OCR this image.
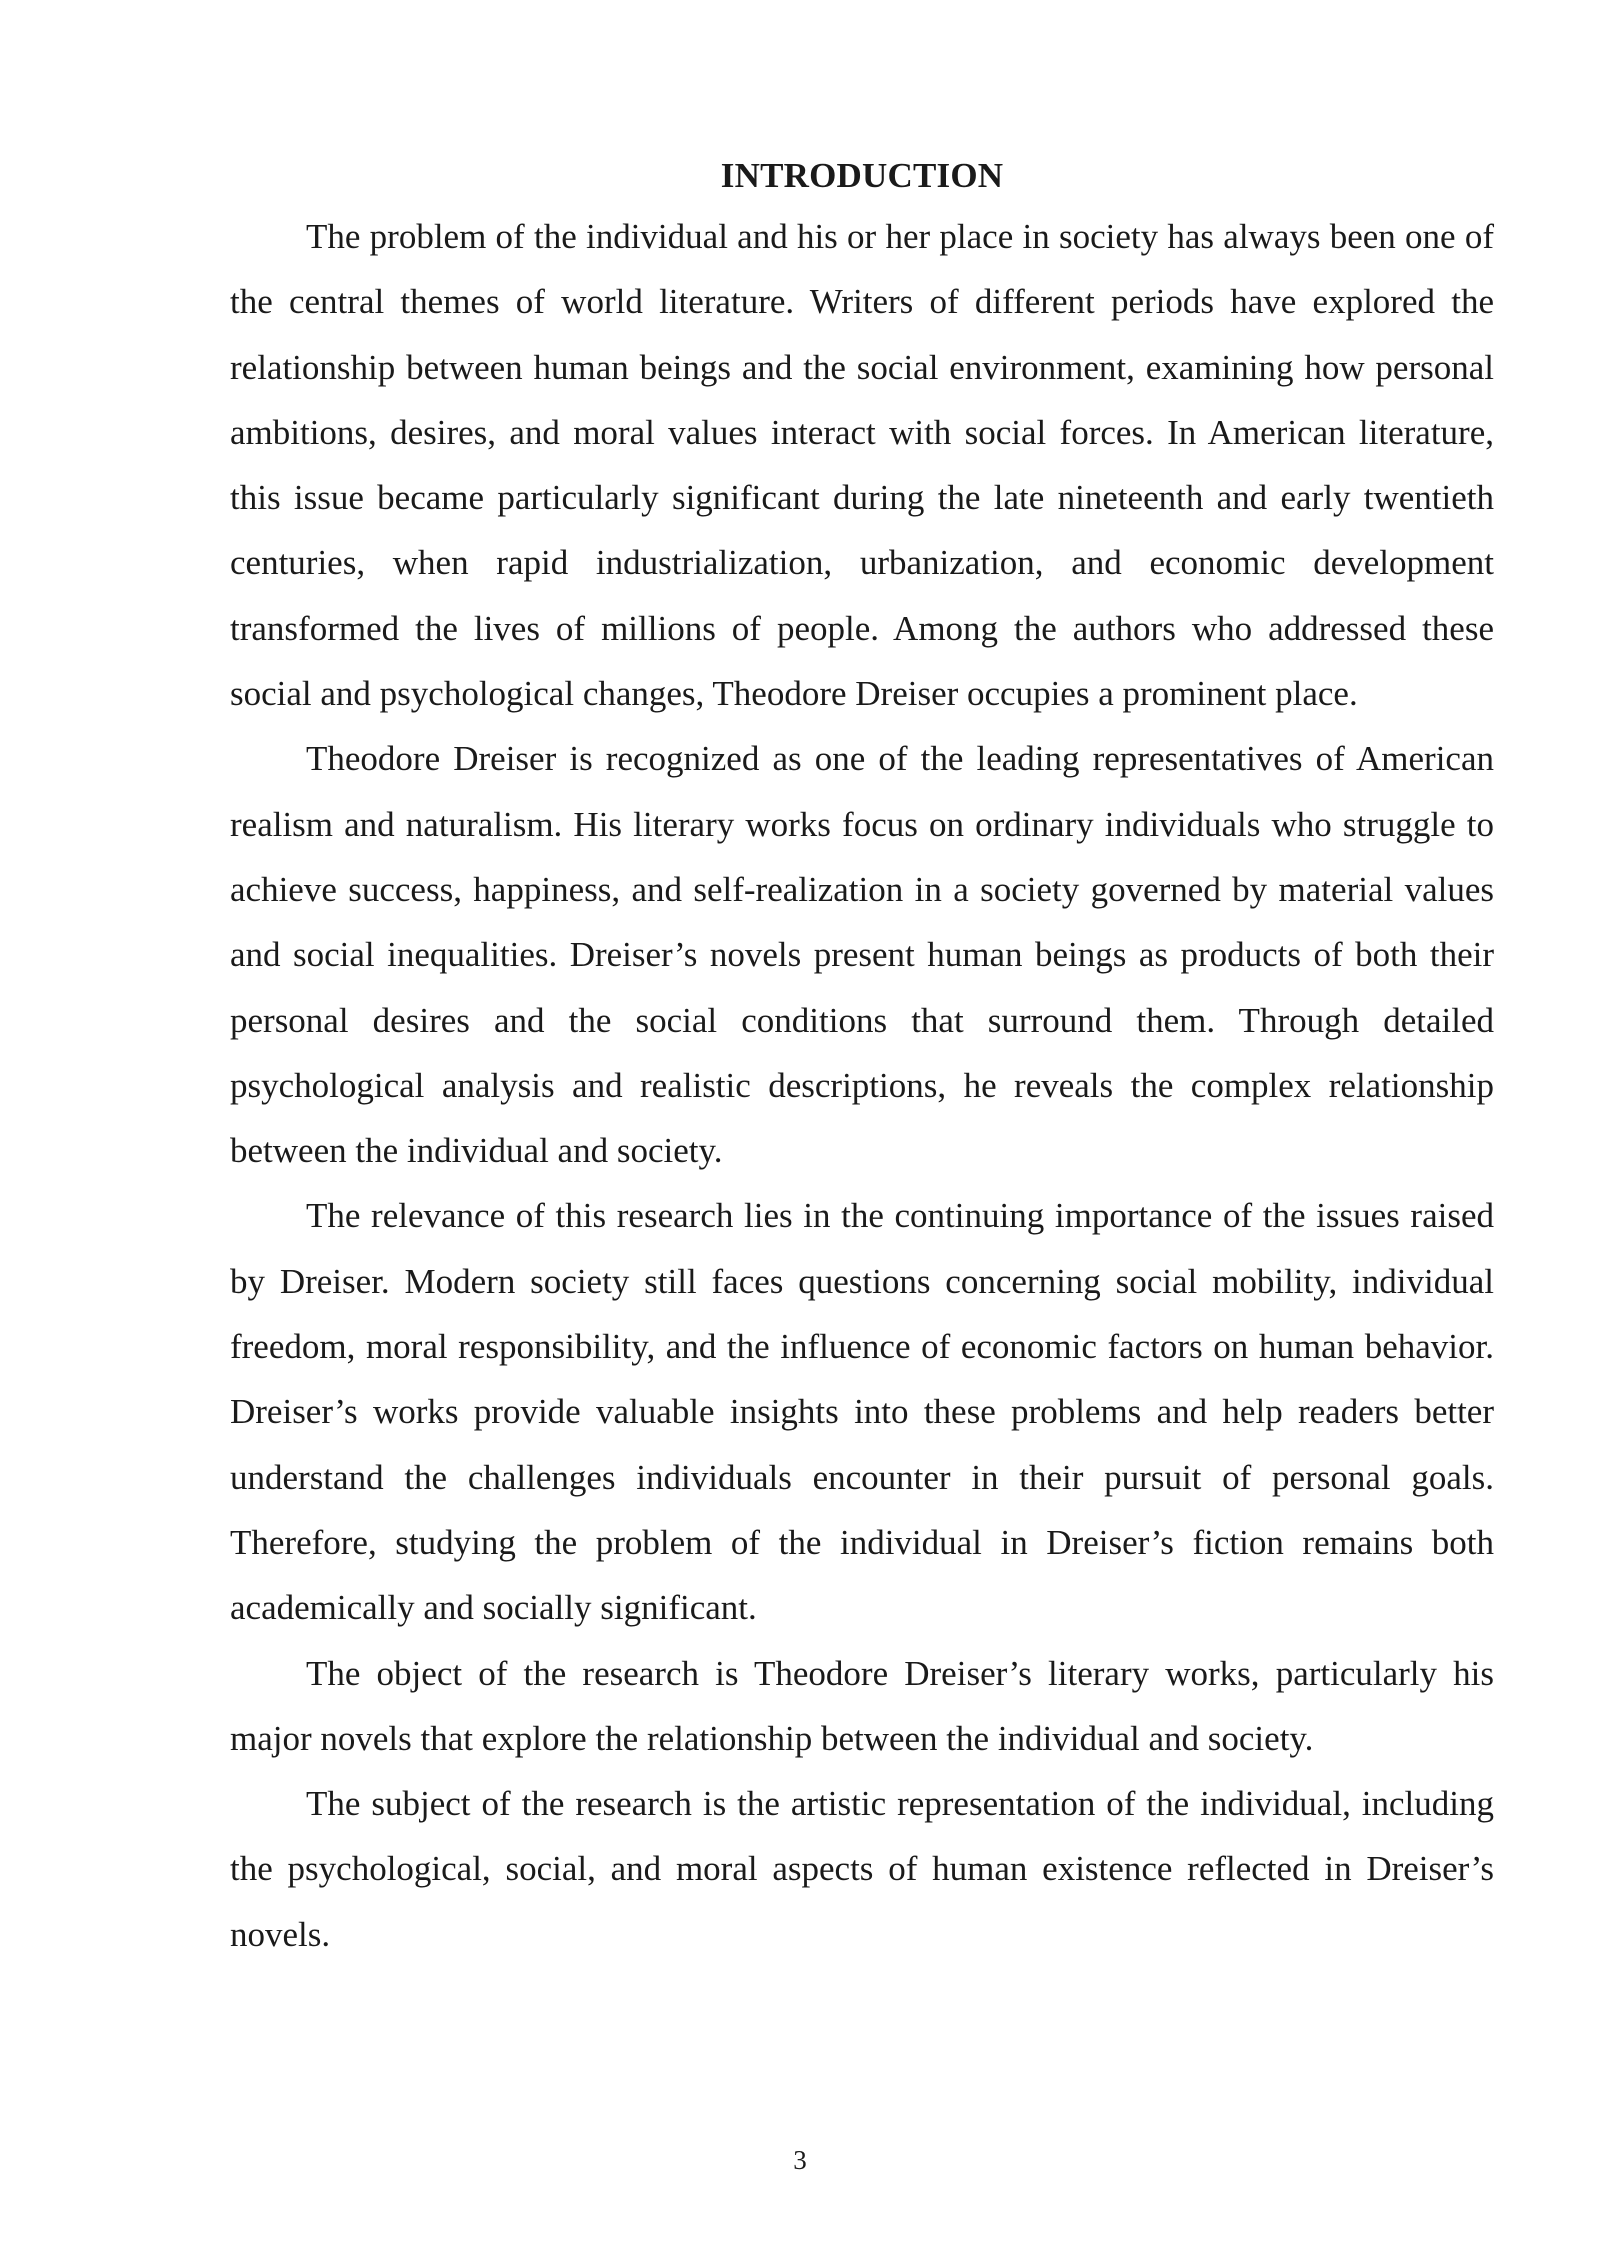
INTRODUCTION

The problem of the individual and his or her place in society has always been one of the central themes of world literature. Writers of different periods have explored the relationship between human beings and the social environment, examining how personal ambitions, desires, and moral values interact with social forces. In American literature, this issue became particularly significant during the late nineteenth and early twentieth centuries, when rapid industrialization, urbanization, and economic development transformed the lives of millions of people. Among the authors who addressed these social and psychological changes, Theodore Dreiser occupies a prominent place.

Theodore Dreiser is recognized as one of the leading representatives of American realism and naturalism. His literary works focus on ordinary individuals who struggle to achieve success, happiness, and self-realization in a society governed by material values and social inequalities. Dreiser’s novels present human beings as products of both their personal desires and the social conditions that surround them. Through detailed psychological analysis and realistic descriptions, he reveals the complex relationship between the individual and society.

The relevance of this research lies in the continuing importance of the issues raised by Dreiser. Modern society still faces questions concerning social mobility, individual freedom, moral responsibility, and the influence of economic factors on human behavior. Dreiser’s works provide valuable insights into these problems and help readers better understand the challenges individuals encounter in their pursuit of personal goals. Therefore, studying the problem of the individual in Dreiser’s fiction remains both academically and socially significant.

The object of the research is Theodore Dreiser’s literary works, particularly his major novels that explore the relationship between the individual and society.

The subject of the research is the artistic representation of the individual, including the psychological, social, and moral aspects of human existence reflected in Dreiser’s novels.

3
